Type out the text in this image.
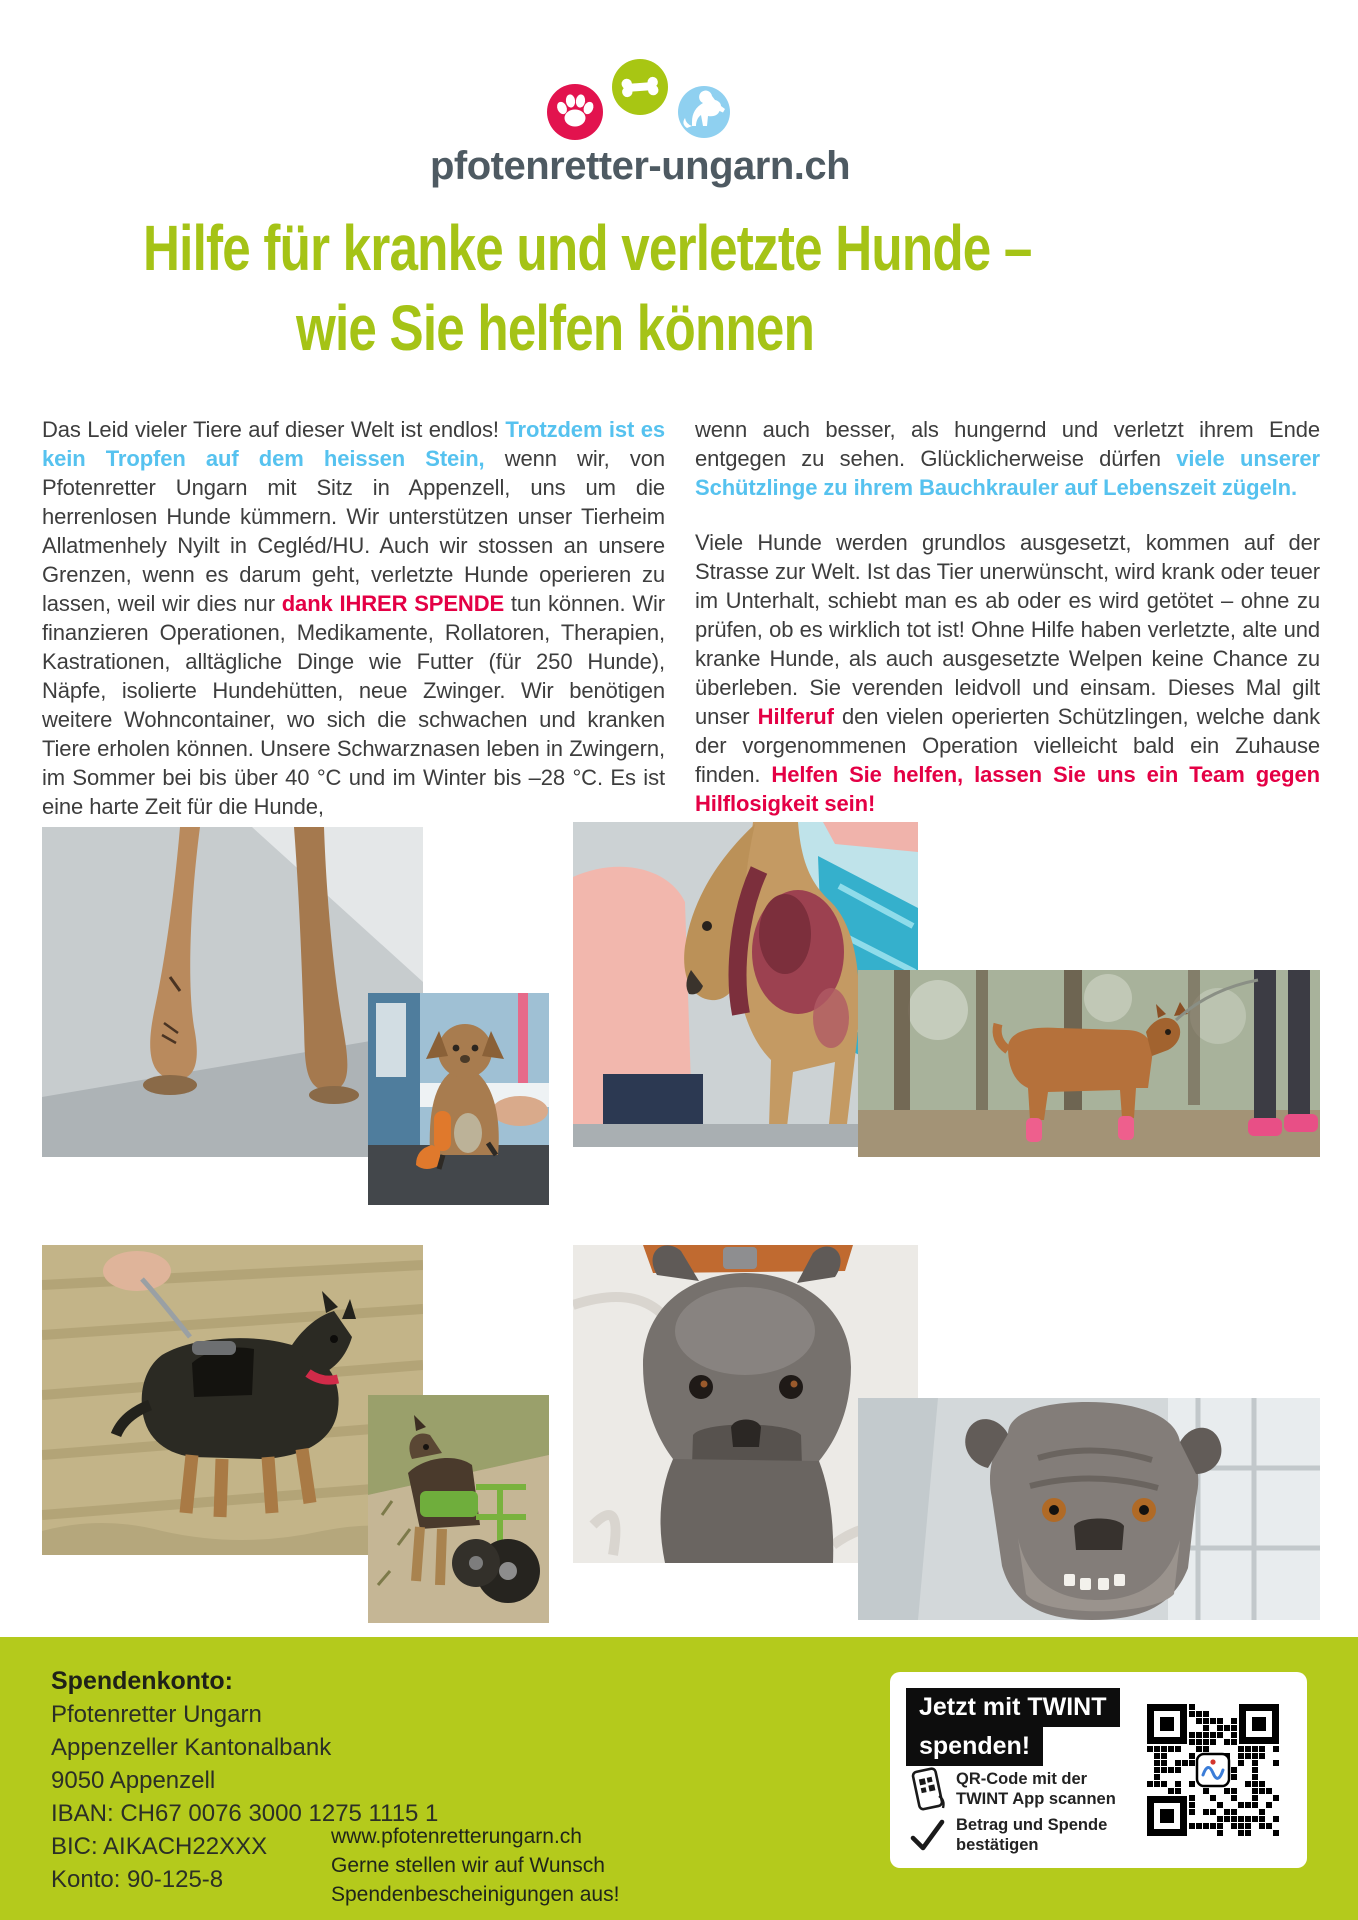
pfotenretter-ungarn.ch
Hilfe für kranke und verletzte Hunde –
wie Sie helfen können

Das Leid vieler Tiere auf dieser Welt ist endlos! Trotzdem ist es kein Tropfen auf dem heissen Stein, wenn wir, von Pfotenretter Ungarn mit Sitz in Appenzell, uns um die herrenlosen Hunde kümmern. Wir unterstützen unser Tierheim Allatmenhely Nyilt in Cegléd/HU. Auch wir stossen an unsere Grenzen, wenn es darum geht, verletzte Hunde operieren zu lassen, weil wir dies nur dank IHRER SPENDE tun können. Wir finanzieren Operationen, Medikamente, Rollatoren, Therapien, Kastrationen, alltägliche Dinge wie Futter (für 250 Hunde), Näpfe, isolierte Hundehütten, neue Zwinger. Wir benötigen weitere Wohncontainer, wo sich die schwachen und kranken Tiere erholen können. Unsere Schwarznasen leben in Zwingern, im Sommer bei bis über 40 °C und im Winter bis –28 °C. Es ist eine harte Zeit für die Hunde,

wenn auch besser, als hungernd und verletzt ihrem Ende entgegen zu sehen. Glücklicherweise dürfen viele unserer Schützlinge zu ihrem Bauchkrauler auf Lebenszeit zügeln.

Viele Hunde werden grundlos ausgesetzt, kommen auf der Strasse zur Welt. Ist das Tier unerwünscht, wird krank oder teuer im Unterhalt, schiebt man es ab oder es wird getötet – ohne zu prüfen, ob es wirklich tot ist! Ohne Hilfe haben verletzte, alte und kranke Hunde, als auch ausgesetzte Welpen keine Chance zu überleben. Sie verenden leidvoll und einsam. Dieses Mal gilt unser Hilferuf den vielen operierten Schützlingen, welche dank der vorgenommenen Operation vielleicht bald ein Zuhause finden. Helfen Sie helfen, lassen Sie uns ein Team gegen Hilflosigkeit sein!

Spendenkonto:
Pfotenretter Ungarn
Appenzeller Kantonalbank
9050 Appenzell
IBAN: CH67 0076 3000 1275 1115 1
BIC: AIKACH22XXX
Konto: 90-125-8
www.pfotenretterungarn.ch
Gerne stellen wir auf Wunsch Spendenbescheinigungen aus!
Jetzt mit TWINT
spenden!
QR-Code mit der TWINT App scannen
Betrag und Spende bestätigen
